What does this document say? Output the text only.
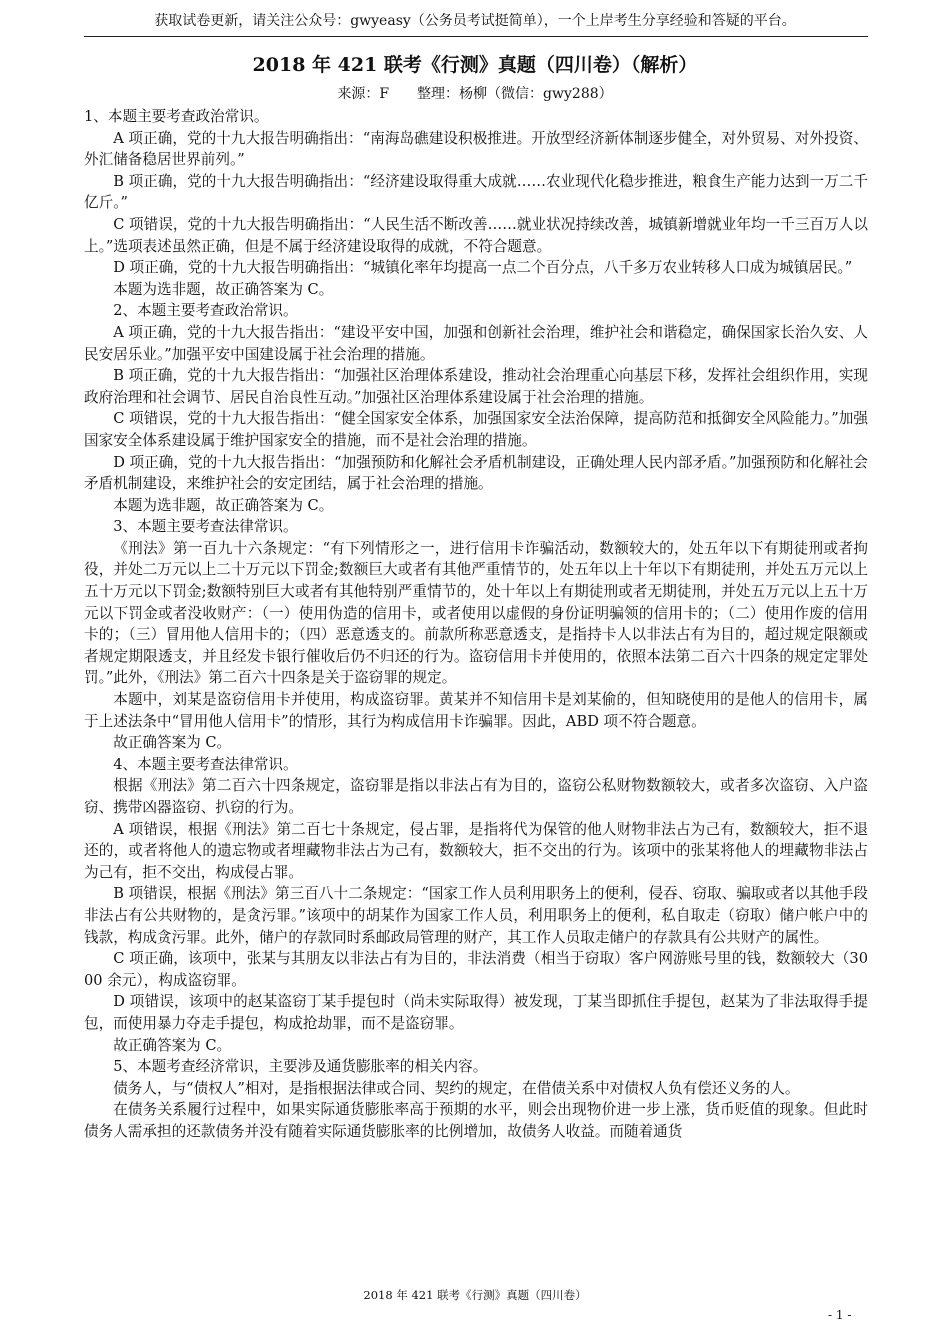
获取试卷更新，请关注公众号：gwyeasy（公务员考试挺简单），一个上岸考生分享经验和答疑的平台。
2018 年 421 联考《行测》真题（四川卷）（解析）
来源：F　　整理：杨柳（微信：gwy288）

1、本题主要考查政治常识。

A 项正确，党的十九大报告明确指出：“南海岛礁建设积极推进。开放型经济新体制逐步健全，对外贸易、对外投资、外汇储备稳居世界前列。”

B 项正确，党的十九大报告明确指出：“经济建设取得重大成就……农业现代化稳步推进，粮食生产能力达到一万二千亿斤。”

C 项错误，党的十九大报告明确指出：“人民生活不断改善……就业状况持续改善，城镇新增就业年均一千三百万人以上。”选项表述虽然正确，但是不属于经济建设取得的成就，不符合题意。

D 项正确，党的十九大报告明确指出：“城镇化率年均提高一点二个百分点，八千多万农业转移人口成为城镇居民。”

本题为选非题，故正确答案为 C。

2、本题主要考查政治常识。

A 项正确，党的十九大报告指出：“建设平安中国，加强和创新社会治理，维护社会和谐稳定，确保国家长治久安、人民安居乐业。”加强平安中国建设属于社会治理的措施。

B 项正确，党的十九大报告指出：“加强社区治理体系建设，推动社会治理重心向基层下移，发挥社会组织作用，实现政府治理和社会调节、居民自治良性互动。”加强社区治理体系建设属于社会治理的措施。

C 项错误，党的十九大报告指出：“健全国家安全体系，加强国家安全法治保障，提高防范和抵御安全风险能力。”加强国家安全体系建设属于维护国家安全的措施，而不是社会治理的措施。

D 项正确，党的十九大报告指出：“加强预防和化解社会矛盾机制建设，正确处理人民内部矛盾。”加强预防和化解社会矛盾机制建设，来维护社会的安定团结，属于社会治理的措施。

本题为选非题，故正确答案为 C。

3、本题主要考查法律常识。

《刑法》第一百九十六条规定：“有下列情形之一，进行信用卡诈骗活动，数额较大的，处五年以下有期徒刑或者拘役，并处二万元以上二十万元以下罚金;数额巨大或者有其他严重情节的，处五年以上十年以下有期徒刑，并处五万元以上五十万元以下罚金;数额特别巨大或者有其他特别严重情节的，处十年以上有期徒刑或者无期徒刑，并处五万元以上五十万元以下罚金或者没收财产：（一）使用伪造的信用卡，或者使用以虚假的身份证明骗领的信用卡的；（二）使用作废的信用卡的；（三）冒用他人信用卡的；（四）恶意透支的。前款所称恶意透支，是指持卡人以非法占有为目的，超过规定限额或者规定期限透支，并且经发卡银行催收后仍不归还的行为。盗窃信用卡并使用的，依照本法第二百六十四条的规定定罪处罚。”此外，《刑法》第二百六十四条是关于盗窃罪的规定。

本题中，刘某是盗窃信用卡并使用，构成盗窃罪。黄某并不知信用卡是刘某偷的，但知晓使用的是他人的信用卡，属于上述法条中“冒用他人信用卡”的情形，其行为构成信用卡诈骗罪。因此，ABD 项不符合题意。

故正确答案为 C。

4、本题主要考查法律常识。

根据《刑法》第二百六十四条规定，盗窃罪是指以非法占有为目的，盗窃公私财物数额较大，或者多次盗窃、入户盗窃、携带凶器盗窃、扒窃的行为。

A 项错误，根据《刑法》第二百七十条规定，侵占罪，是指将代为保管的他人财物非法占为己有，数额较大，拒不退还的，或者将他人的遗忘物或者埋藏物非法占为己有，数额较大，拒不交出的行为。该项中的张某将他人的埋藏物非法占为己有，拒不交出，构成侵占罪。

B 项错误，根据《刑法》第三百八十二条规定：“国家工作人员利用职务上的便利，侵吞、窃取、骗取或者以其他手段非法占有公共财物的，是贪污罪。”该项中的胡某作为国家工作人员，利用职务上的便利，私自取走（窃取）储户帐户中的钱款，构成贪污罪。此外，储户的存款同时系邮政局管理的财产，其工作人员取走储户的存款具有公共财产的属性。

C 项正确，该项中，张某与其朋友以非法占有为目的，非法消费（相当于窃取）客户网游账号里的钱，数额较大（3000 余元），构成盗窃罪。

D 项错误，该项中的赵某盗窃丁某手提包时（尚未实际取得）被发现，丁某当即抓住手提包，赵某为了非法取得手提包，而使用暴力夺走手提包，构成抢劫罪，而不是盗窃罪。

故正确答案为 C。

5、本题考查经济常识，主要涉及通货膨胀率的相关内容。

债务人，与“债权人”相对，是指根据法律或合同、契约的规定，在借债关系中对债权人负有偿还义务的人。

在债务关系履行过程中，如果实际通货膨胀率高于预期的水平，则会出现物价进一步上涨，货币贬值的现象。但此时债务人需承担的还款债务并没有随着实际通货膨胀率的比例增加，故债务人收益。而随着通货

2018 年 421 联考《行测》真题（四川卷）
- 1 -
